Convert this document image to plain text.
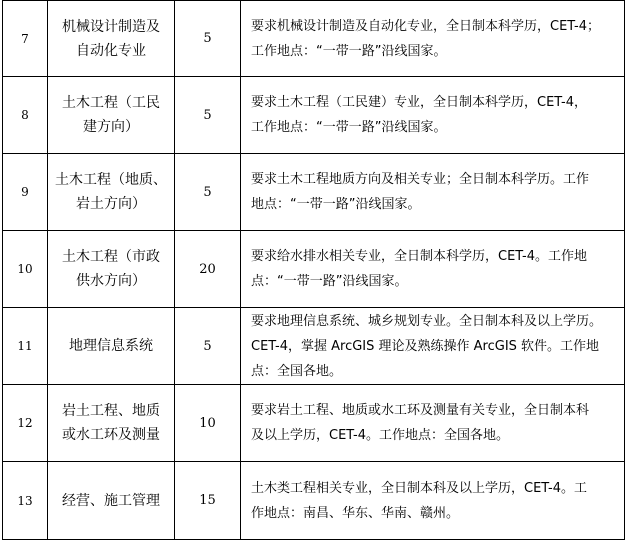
7	机械设计制造及
自动化专业	5	要求机械设计制造及自动化专业，全日制本科学历，CET-4；
工作地点：“一带一路”沿线国家。

8	土木工程（工民
建方向）	5	要求土木工程（工民建）专业，全日制本科学历，CET-4，
工作地点：“一带一路”沿线国家。

9	土木工程（地质、
岩土方向）	5	要求土木工程地质方向及相关专业；全日制本科学历。工作
地点：“一带一路”沿线国家。

10	土木工程（市政
供水方向）	20	要求给水排水相关专业，全日制本科学历，CET-4。工作地
点：“一带一路”沿线国家。

11	地理信息系统	5	要求地理信息系统、城乡规划专业。全日制本科及以上学历。
CET-4，掌握 ArcGIS 理论及熟练操作 ArcGIS 软件。工作地
点：全国各地。

12	岩土工程、地质
或水工环及测量	10	要求岩土工程、地质或水工环及测量有关专业，全日制本科
及以上学历，CET-4。工作地点：全国各地。

13	经营、施工管理	15	土木类工程相关专业，全日制本科及以上学历，CET-4。工
作地点：南昌、华东、华南、赣州。
